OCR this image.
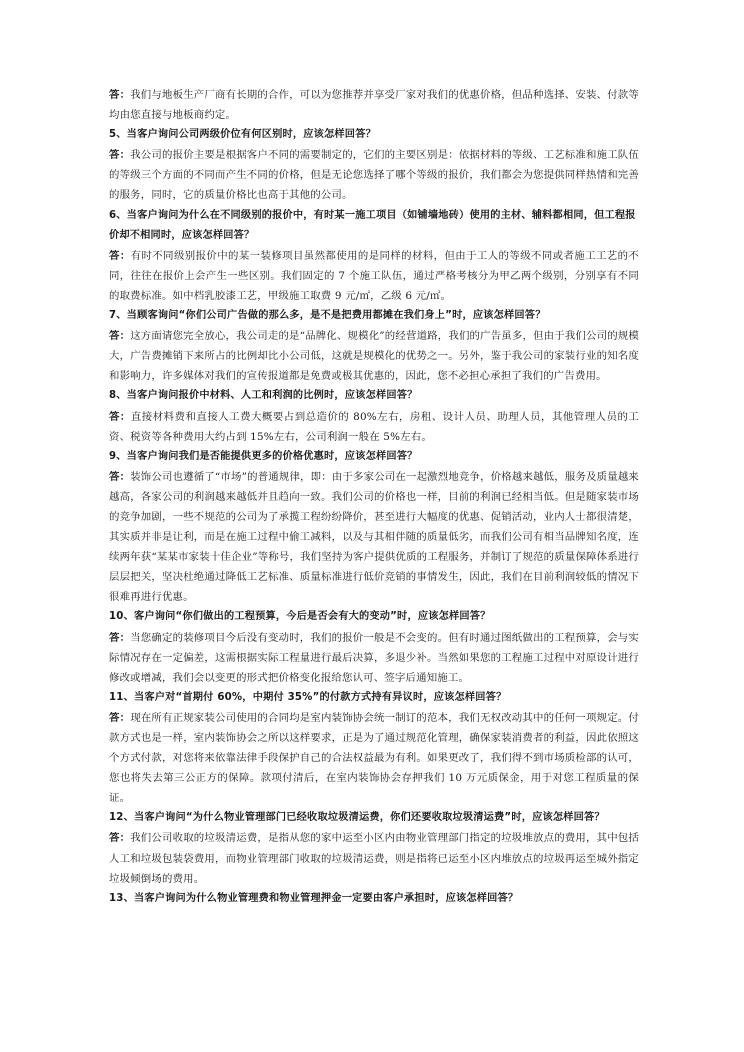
答：我们与地板生产厂商有长期的合作，可以为您推荐并享受厂家对我们的优惠价格，但品种选择、安装、付款等均由您直接与地板商约定。

5、当客户询问公司两级价位有何区别时，应该怎样回答？

答：我公司的报价主要是根据客户不同的需要制定的，它们的主要区别是：依据材料的等级、工艺标准和施工队伍的等级三个方面的不同而产生不同的价格，但是无论您选择了哪个等级的报价，我们都会为您提供同样热情和完善的服务，同时，它的质量价格比也高于其他的公司。

6、当客户询问为什么在不同级别的报价中，有时某一施工项目（如铺墙地砖）使用的主材、辅料都相同，但工程报价却不相同时，应该怎样回答？

答：有时不同级别报价中的某一装修项目虽然都使用的是同样的材料，但由于工人的等级不同或者施工工艺的不同，往往在报价上会产生一些区别。我们固定的 7 个施工队伍，通过严格考核分为甲乙两个级别，分别享有不同的取费标准。如中档乳胶漆工艺，甲级施工取费 9 元/㎡，乙级 6 元/㎡。

7、当顾客询问“你们公司广告做的那么多，是不是把费用都摊在我们身上”时，应该怎样回答？

答：这方面请您完全放心，我公司走的是“品牌化、规模化”的经营道路，我们的广告虽多，但由于我们公司的规模大，广告费摊销下来所占的比例却比小公司低，这就是规模化的优势之一。另外，鉴于我公司的家装行业的知名度和影响力，许多媒体对我们的宣传报道都是免费或极其优惠的，因此，您不必担心承担了我们的广告费用。

8、当客户询问报价中材料、人工和利润的比例时，应该怎样回答？

答：直接材料费和直接人工费大概要占到总造价的 80%左右，房租、设计人员、助理人员，其他管理人员的工资、税资等各种费用大约占到 15%左右，公司利润一般在 5%左右。

9、当客户询问我们是否能提供更多的价格优惠时，应该怎样回答？

答：装饰公司也遵循了“市场”的普通规律，即：由于多家公司在一起激烈地竞争，价格越来越低，服务及质量越来越高，各家公司的利润越来越低并且趋向一致。我们公司的价格也一样，目前的利润已经相当低。但是随家装市场的竞争加剧，一些不规范的公司为了承揽工程纷纷降价，甚至进行大幅度的优惠、促销活动，业内人士都很清楚，其实质并非是让利，而是在施工过程中偷工减料，以及与其相伴随的质量低劣，而我们公司有相当品牌知名度，连续两年获“某某市家装十佳企业”等称号，我们坚持为客户提供优质的工程服务，并制订了规范的质量保障体系进行层层把关，坚决杜绝通过降低工艺标准、质量标准进行低价竞销的事情发生，因此，我们在目前利润较低的情况下很难再进行优惠。

10、客户询问“你们做出的工程预算，今后是否会有大的变动”时，应该怎样回答？

答：当您确定的装修项目今后没有变动时，我们的报价一般是不会变的。但有时通过图纸做出的工程预算，会与实际情况存在一定偏差，这需根据实际工程量进行最后决算，多退少补。当然如果您的工程施工过程中对原设计进行修改或增减，我们会以变更的形式把价格变化报给您认可、签字后通知施工。

11、当客户对“首期付 60%，中期付 35%”的付款方式持有异议时，应该怎样回答？

答：现在所有正规家装公司使用的合同均是室内装饰协会统一制订的范本，我们无权改动其中的任何一项规定。付款方式也是一样，室内装饰协会之所以这样要求，正是为了通过规范化管理，确保家装消费者的利益，因此依照这个方式付款，对您将来依靠法律手段保护自己的合法权益最为有利。如果更改了，我们得不到市场质检部的认可，您也将失去第三公正方的保障。款项付清后，在室内装饰协会存押我们 10 万元质保金，用于对您工程质量的保证。

12、当客户询问“为什么物业管理部门已经收取垃圾清运费，你们还要收取垃圾清运费”时，应该怎样回答？

答：我们公司收取的垃圾清运费，是指从您的家中运至小区内由物业管理部门指定的垃圾堆放点的费用，其中包括人工和垃圾包装袋费用，而物业管理部门收取的垃圾清运费，则是指将已运至小区内堆放点的垃圾再运至城外指定垃圾倾倒场的费用。

13、当客户询问为什么物业管理费和物业管理押金一定要由客户承担时，应该怎样回答？
